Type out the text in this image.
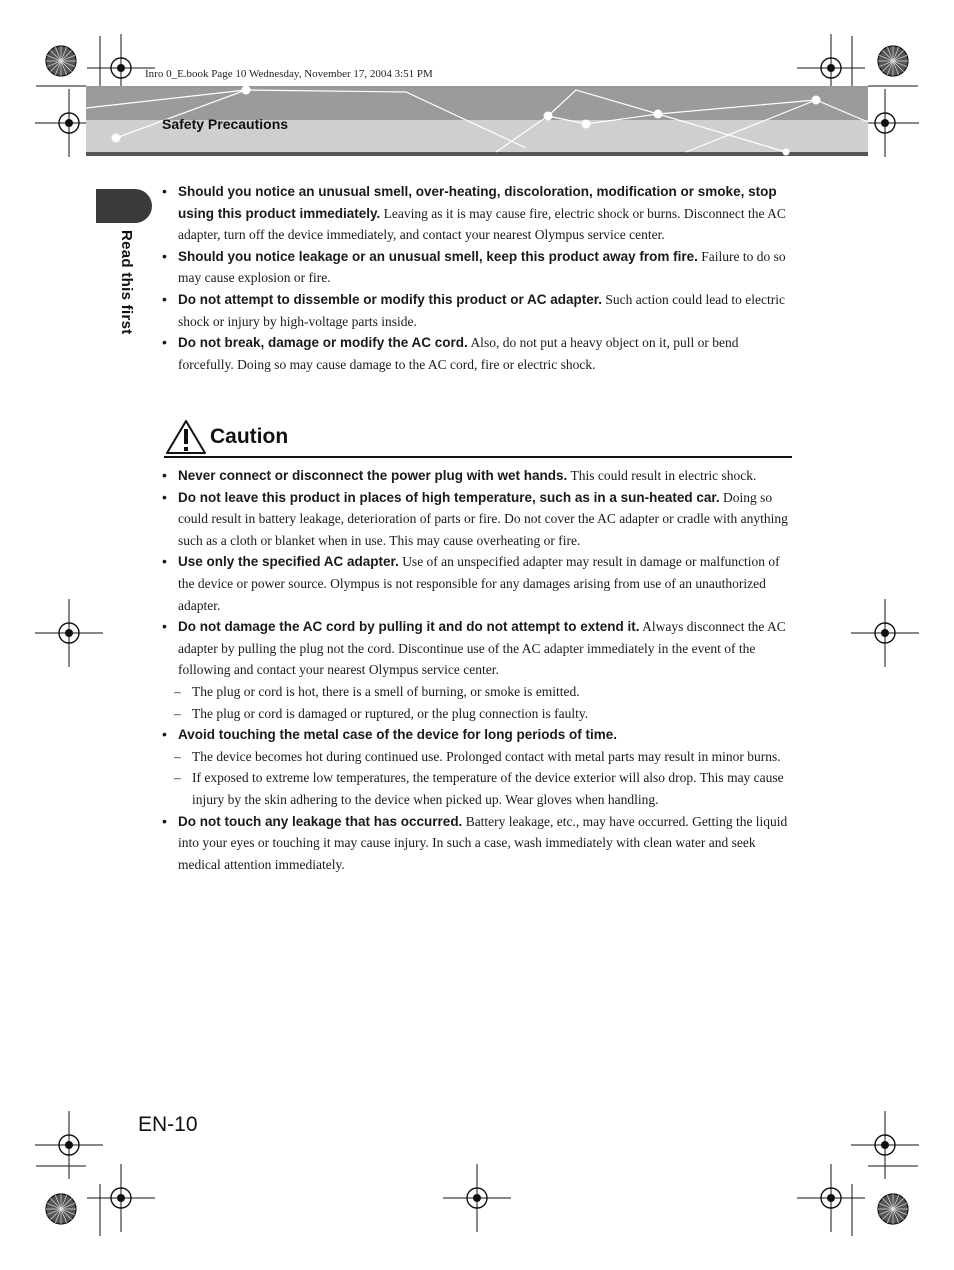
Inro 0_E.book Page 10 Wednesday, November 17, 2004 3:51 PM
Safety Precautions
Read this first
• Should you notice an unusual smell, over-heating, discoloration, modification or smoke, stop using this product immediately. Leaving as it is may cause fire, electric shock or burns. Disconnect the AC adapter, turn off the device immediately, and contact your nearest Olympus service center.
• Should you notice leakage or an unusual smell, keep this product away from fire. Failure to do so may cause explosion or fire.
• Do not attempt to dissemble or modify this product or AC adapter. Such action could lead to electric shock or injury by high-voltage parts inside.
• Do not break, damage or modify the AC cord. Also, do not put a heavy object on it, pull or bend forcefully. Doing so may cause damage to the AC cord, fire or electric shock.
Caution
• Never connect or disconnect the power plug with wet hands. This could result in electric shock.
• Do not leave this product in places of high temperature, such as in a sun-heated car. Doing so could result in battery leakage, deterioration of parts or fire. Do not cover the AC adapter or cradle with anything such as a cloth or blanket when in use. This may cause overheating or fire.
• Use only the specified AC adapter. Use of an unspecified adapter may result in damage or malfunction of the device or power source. Olympus is not responsible for any damages arising from use of an unauthorized adapter.
• Do not damage the AC cord by pulling it and do not attempt to extend it. Always disconnect the AC adapter by pulling the plug not the cord. Discontinue use of the AC adapter immediately in the event of the following and contact your nearest Olympus service center.
– The plug or cord is hot, there is a smell of burning, or smoke is emitted.
– The plug or cord is damaged or ruptured, or the plug connection is faulty.
• Avoid touching the metal case of the device for long periods of time.
– The device becomes hot during continued use. Prolonged contact with metal parts may result in minor burns.
– If exposed to extreme low temperatures, the temperature of the device exterior will also drop. This may cause injury by the skin adhering to the device when picked up. Wear gloves when handling.
• Do not touch any leakage that has occurred. Battery leakage, etc., may have occurred. Getting the liquid into your eyes or touching it may cause injury. In such a case, wash immediately with clean water and seek medical attention immediately.
EN-10
